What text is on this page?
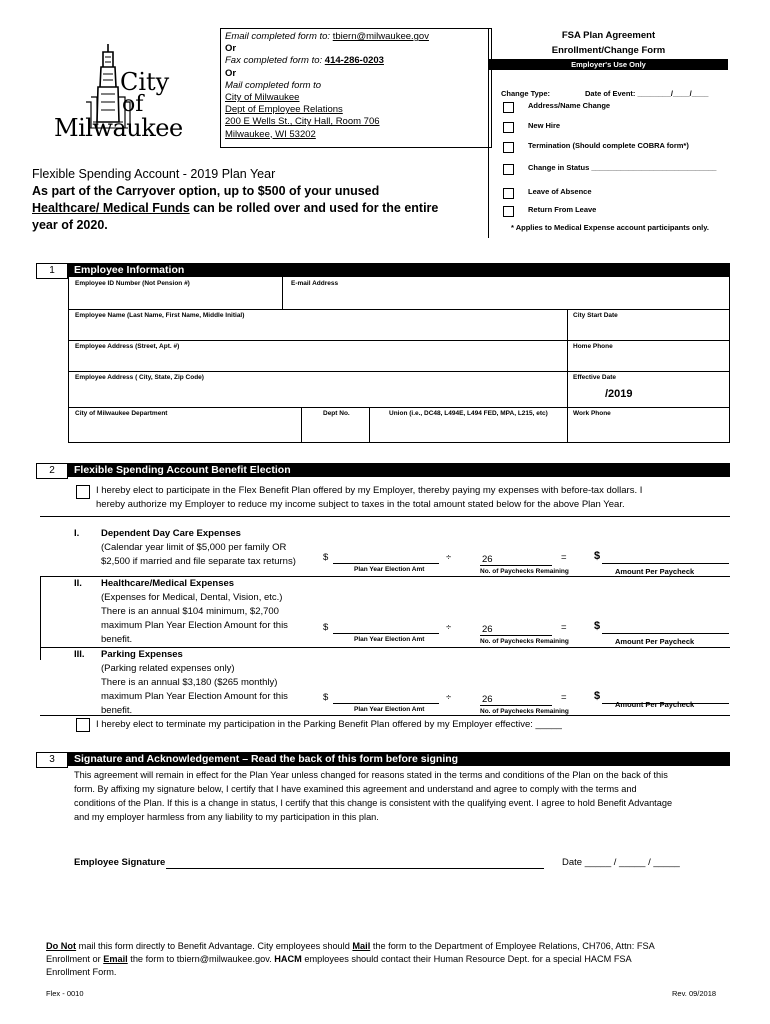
City
of
Milwaukee
Email completed form to: tbiern@milwaukee.gov
Or
Fax completed form to: 414-286-0203
Or
Mail completed form to
City of Milwaukee
Dept of Employee Relations
200 E Wells St., City Hall, Room 706
Milwaukee, WI 53202
FSA Plan Agreement
Enrollment/Change Form
Employer's Use Only
Change Type:	Date of Event: ________/____/____
Address/Name Change
New Hire
Termination (Should complete COBRA form*)
Change in Status ______________________________
Leave of Absence
Return From Leave
* Applies to Medical Expense account participants only.
Flexible Spending Account - 2019 Plan Year
As part of the Carryover option, up to $500 of your unused
Healthcare/ Medical Funds can be rolled over and used for the entire
year of 2020.
1	Employee Information
Employee ID Number (Not Pension #)	E-mail Address
Employee Name (Last Name, First Name, Middle Initial)	City Start Date
Employee Address (Street, Apt. #)	Home Phone
Employee Address ( City, State, Zip Code)	Effective Date
/2019
City of Milwaukee Department	Dept No.	Union (i.e., DC48, L494E, L494 FED, MPA, L215, etc)	Work Phone
2	Flexible Spending Account Benefit Election
I hereby elect to participate in the Flex Benefit Plan offered by my Employer, thereby paying my expenses with before-tax dollars. I
hereby authorize my Employer to reduce my income subject to taxes in the total amount stated below for the above Plan Year.
I. Dependent Day Care Expenses
(Calendar year limit of $5,000 per family OR
$2,500 if married and file separate tax returns)	$
Plan Year Election Amt
÷	26
No. of Paychecks Remaining
= $
Amount Per Paycheck
II. Healthcare/Medical Expenses
(Expenses for Medical, Dental, Vision, etc.)
There is an annual $104 minimum, $2,700
maximum Plan Year Election Amount for this
benefit.
$
Plan Year Election Amt
÷	26
No. of Paychecks Remaining
= $
Amount Per Paycheck
III. Parking Expenses
(Parking related expenses only)
There is an annual $3,180 ($265 monthly)
maximum Plan Year Election Amount for this
benefit.
$
Plan Year Election Amt
÷	26
No. of Paychecks Remaining
= $
Amount Per Paycheck
I hereby elect to terminate my participation in the Parking Benefit Plan offered by my Employer effective: _____
3	Signature and Acknowledgement – Read the back of this form before signing
This agreement will remain in effect for the Plan Year unless changed for reasons stated in the terms and conditions of the Plan on the back of this
form. By affixing my signature below, I certify that I have examined this agreement and understand and agree to comply with the terms and
conditions of the Plan. If this is a change in status, I certify that this change is consistent with the qualifying event. I agree to hold Benefit Advantage
and my employer harmless from any liability to my participation in this plan.
Employee Signature	Date _____ / _____ / _____
Do Not mail this form directly to Benefit Advantage. City employees should Mail the form to the Department of Employee Relations, CH706, Attn: FSA
Enrollment or Email the form to tbiern@milwaukee.gov. HACM employees should contact their Human Resource Dept. for a special HACM FSA
Enrollment Form.
Flex - 0010	Rev. 09/2018
